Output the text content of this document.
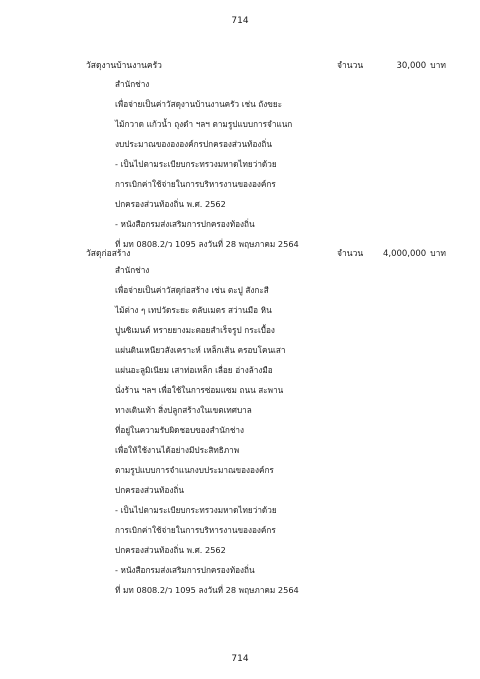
714
วัสดุงานบ้านงานครัว	จำนวน	30,000 บาท
สำนักช่าง
เพื่อจ่ายเป็นค่าวัสดุงานบ้านงานครัว เช่น ถังขยะ
ไม้กวาด แก้วน้ำ ถุงดำ ฯลฯ ตามรูปแบบการจำแนก
งบประมาณของององค์กรปกครองส่วนท้องถิ่น
- เป็นไปตามระเบียบกระทรวงมหาดไทยว่าด้วย
การเบิกค่าใช้จ่ายในการบริหารงานขององค์กร
ปกครองส่วนท้องถิ่น พ.ศ. 2562
- หนังสือกรมส่งเสริมการปกครองท้องถิ่น
ที่ มท 0808.2/ว 1095 ลงวันที่ 28 พฤษภาคม 2564
วัสดุก่อสร้าง	จำนวน 4,000,000 บาท
สำนักช่าง
เพื่อจ่ายเป็นค่าวัสดุก่อสร้าง เช่น ตะปู สังกะสี
ไม้ต่าง ๆ เทปวัดระยะ ตลับเมตร สว่านมือ หิน
ปูนซิเมนต์ ทรายยางมะตอยสำเร็จรูป กระเบื้อง
แผ่นดินเหนียวสังเคราะห์ เหล็กเส้น ครอบโคนเสา
แผ่นอะลูมิเนียม เสาท่อเหล็ก เลื่อย อ่างล้างมือ
นั่งร้าน ฯลฯ เพื่อใช้ในการซ่อมแซม ถนน สะพาน
ทางเดินเท้า สิ่งปลูกสร้างในเขตเทศบาล
ที่อยู่ในความรับผิดชอบของสำนักช่าง
เพื่อให้ใช้งานได้อย่างมีประสิทธิภาพ
ตามรูปแบบการจำแนกงบประมาณขององค์กร
ปกครองส่วนท้องถิ่น
- เป็นไปตามระเบียบกระทรวงมหาดไทยว่าด้วย
การเบิกค่าใช้จ่ายในการบริหารงานขององค์กร
ปกครองส่วนท้องถิ่น พ.ศ. 2562
- หนังสือกรมส่งเสริมการปกครองท้องถิ่น
ที่ มท 0808.2/ว 1095 ลงวันที่ 28 พฤษภาคม 2564
714
